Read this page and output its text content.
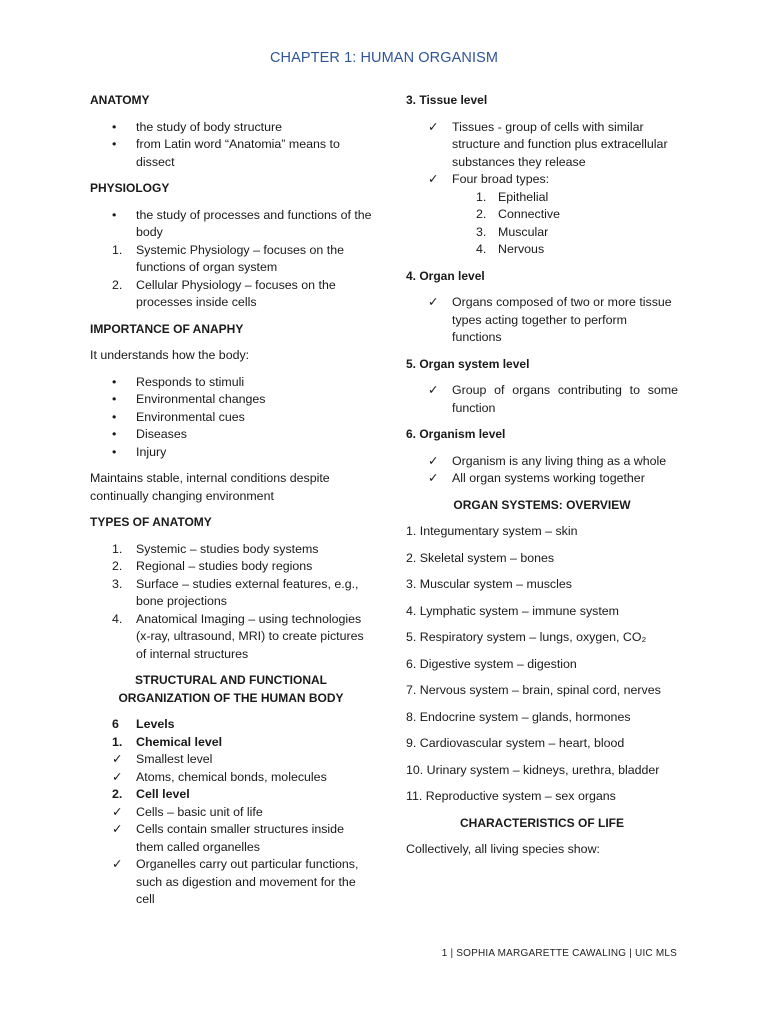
CHAPTER 1: HUMAN ORGANISM
ANATOMY
• the study of body structure
• from Latin word “Anatomia” means to dissect
PHYSIOLOGY
• the study of processes and functions of the body
1. Systemic Physiology – focuses on the functions of organ system
2. Cellular Physiology – focuses on the processes inside cells
IMPORTANCE OF ANAPHY
It understands how the body:
• Responds to stimuli
• Environmental changes
• Environmental cues
• Diseases
• Injury
Maintains stable, internal conditions despite continually changing environment
TYPES OF ANATOMY
1. Systemic – studies body systems
2. Regional – studies body regions
3. Surface – studies external features, e.g., bone projections
4. Anatomical Imaging – using technologies (x-ray, ultrasound, MRI) to create pictures of internal structures
STRUCTURAL AND FUNCTIONAL ORGANIZATION OF THE HUMAN BODY
6 Levels
1. Chemical level
✓ Smallest level
✓ Atoms, chemical bonds, molecules
2. Cell level
✓ Cells – basic unit of life
✓ Cells contain smaller structures inside them called organelles
✓ Organelles carry out particular functions, such as digestion and movement for the cell
3. Tissue level
✓ Tissues - group of cells with similar structure and function plus extracellular substances they release
✓ Four broad types:
1. Epithelial
2. Connective
3. Muscular
4. Nervous
4. Organ level
✓ Organs composed of two or more tissue types acting together to perform functions
5. Organ system level
✓ Group of organs contributing to some function
6. Organism level
✓ Organism is any living thing as a whole
✓ All organ systems working together
ORGAN SYSTEMS: OVERVIEW
1. Integumentary system – skin
2. Skeletal system – bones
3. Muscular system – muscles
4. Lymphatic system – immune system
5. Respiratory system – lungs, oxygen, CO₂
6. Digestive system – digestion
7. Nervous system – brain, spinal cord, nerves
8. Endocrine system – glands, hormones
9. Cardiovascular system – heart, blood
10. Urinary system – kidneys, urethra, bladder
11. Reproductive system – sex organs
CHARACTERISTICS OF LIFE
Collectively, all living species show:
1 | SOPHIA MARGARETTE CAWALING | UIC MLS
